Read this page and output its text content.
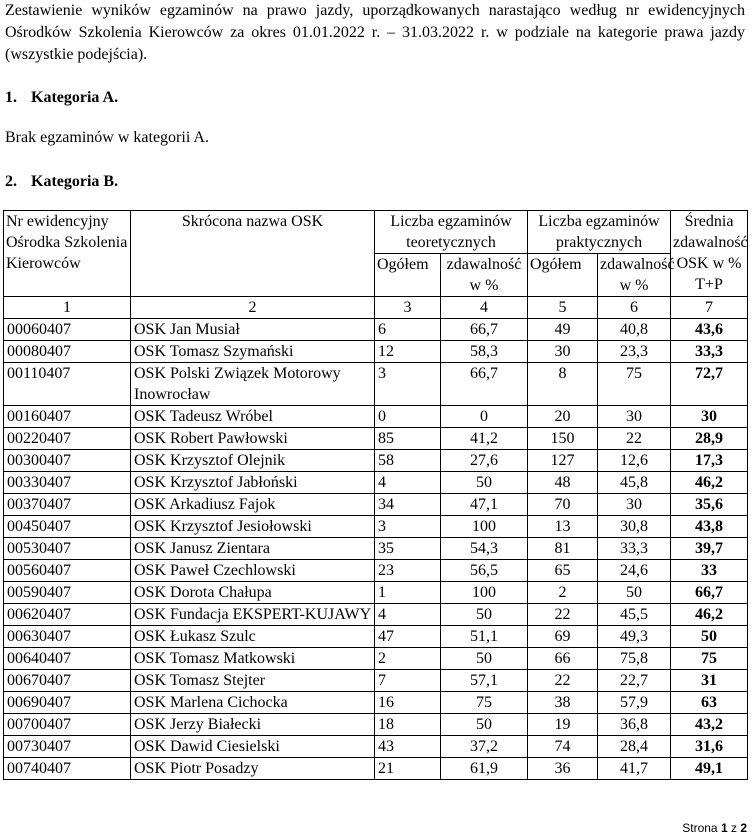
Zestawienie wyników egzaminów na prawo jazdy, uporządkowanych narastająco według nr ewidencyjnych Ośrodków Szkolenia Kierowców za okres 01.01.2022 r. – 31.03.2022 r. w podziale na kategorie prawa jazdy (wszystkie podejścia).
1. Kategoria A.
Brak egzaminów w kategorii A.
2. Kategoria B.
Nr ewidencyjny Ośrodka Szkolenia Kierowców	Skrócona nazwa OSK	Liczba egzaminów teoretycznych		Liczba egzaminów praktycznych		Średnia zdawalność OSK w % T+P
		Ogółem	zdawalność w %	Ogółem	zdawalność w %	
1	2	3	4	5	6	7
00060407	OSK Jan Musiał	6	66,7	49	40,8	43,6
00080407	OSK Tomasz Szymański	12	58,3	30	23,3	33,3
00110407	OSK Polski Związek Motorowy Inowrocław	3	66,7	8	75	72,7
00160407	OSK Tadeusz Wróbel	0	0	20	30	30
00220407	OSK Robert Pawłowski	85	41,2	150	22	28,9
00300407	OSK Krzysztof Olejnik	58	27,6	127	12,6	17,3
00330407	OSK Krzysztof Jabłoński	4	50	48	45,8	46,2
00370407	OSK Arkadiusz Fajok	34	47,1	70	30	35,6
00450407	OSK Krzysztof Jesiołowski	3	100	13	30,8	43,8
00530407	OSK Janusz Zientara	35	54,3	81	33,3	39,7
00560407	OSK Paweł Czechlowski	23	56,5	65	24,6	33
00590407	OSK Dorota Chałupa	1	100	2	50	66,7
00620407	OSK Fundacja EKSPERT-KUJAWY	4	50	22	45,5	46,2
00630407	OSK Łukasz Szulc	47	51,1	69	49,3	50
00640407	OSK Tomasz Matkowski	2	50	66	75,8	75
00670407	OSK Tomasz Stejter	7	57,1	22	22,7	31
00690407	OSK Marlena Cichocka	16	75	38	57,9	63
00700407	OSK Jerzy Białecki	18	50	19	36,8	43,2
00730407	OSK Dawid Ciesielski	43	37,2	74	28,4	31,6
00740407	OSK Piotr Posadzy	21	61,9	36	41,7	49,1
Strona 1 z 2
